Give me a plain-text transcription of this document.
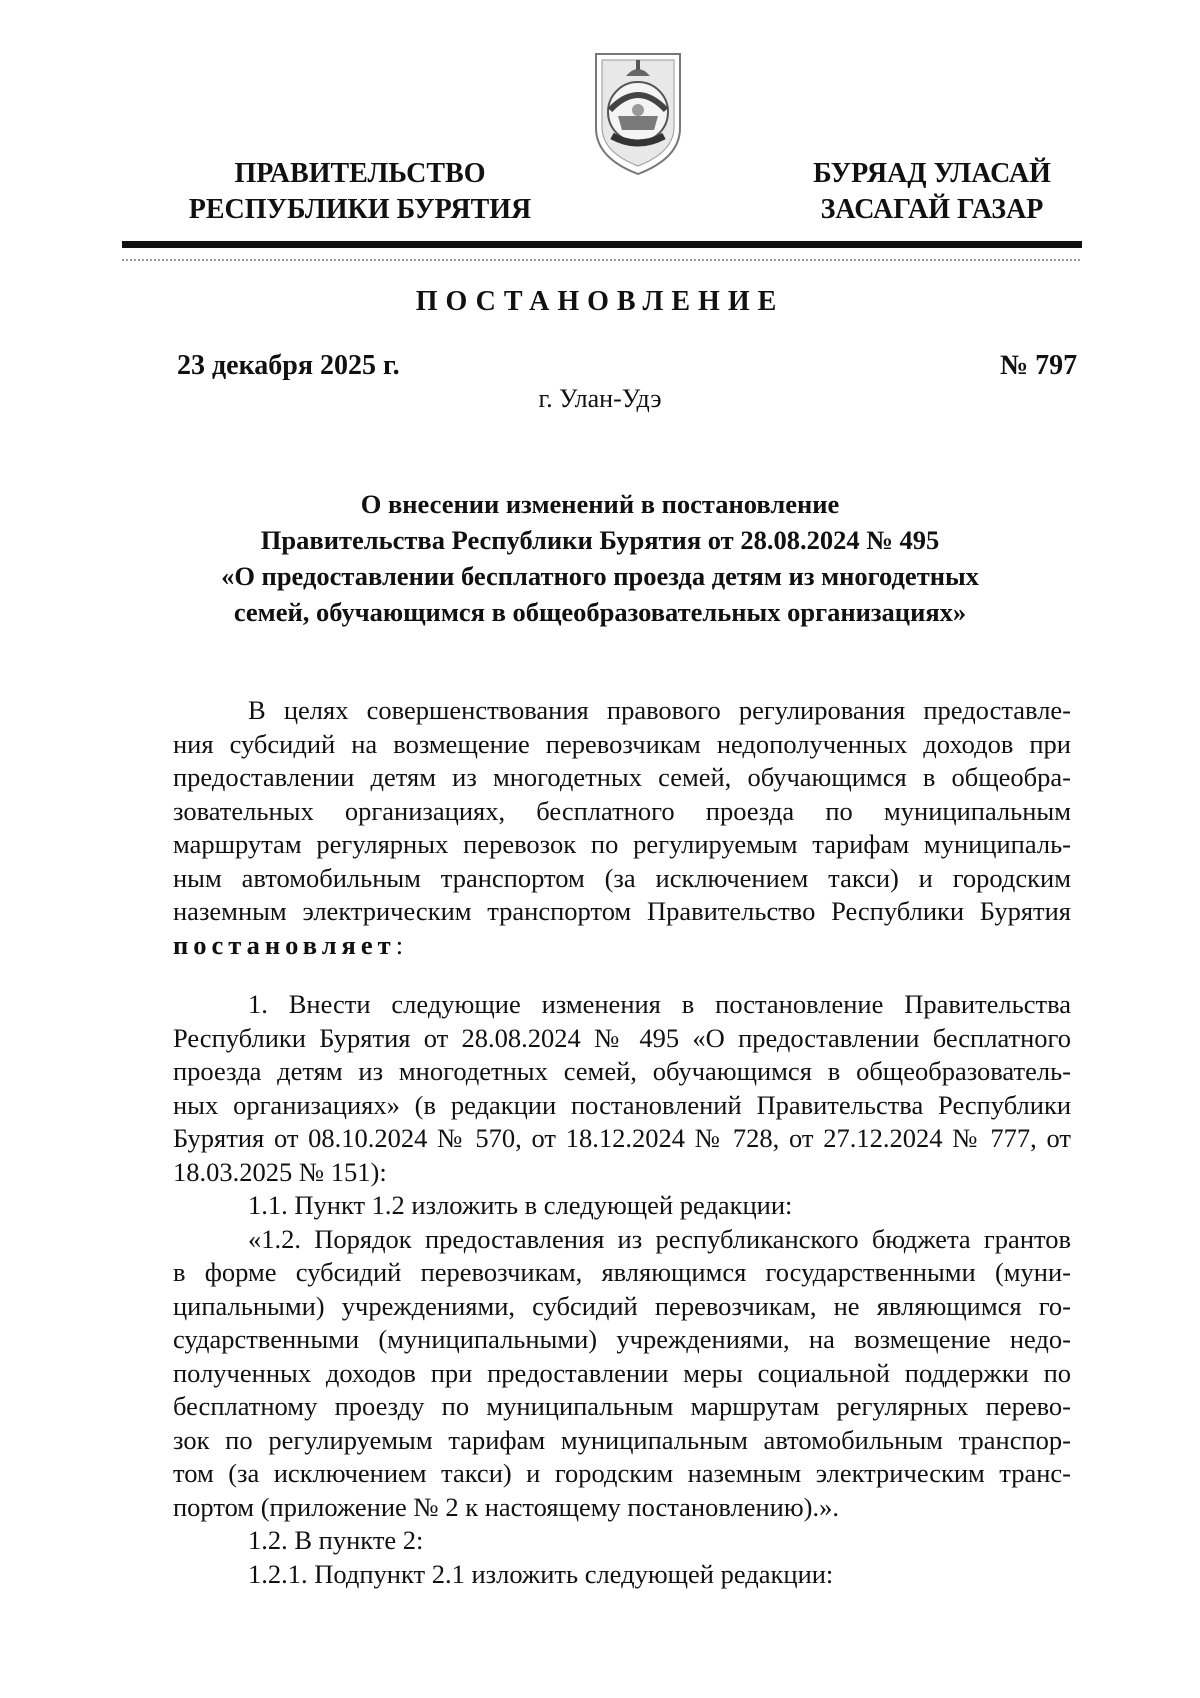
ПРАВИТЕЛЬСТВО
РЕСПУБЛИКИ БУРЯТИЯ
БУРЯАД УЛАСАЙ
ЗАСАГАЙ ГАЗАР
ПОСТАНОВЛЕНИЕ
23 декабря 2025 г.	№ 797
г. Улан-Удэ
О внесении изменений в постановление
Правительства Республики Бурятия от 28.08.2024 № 495
«О предоставлении бесплатного проезда детям из многодетных
семей, обучающимся в общеобразовательных организациях»
В целях совершенствования правового регулирования предоставле-
ния субсидий на возмещение перевозчикам недополученных доходов при
предоставлении детям из многодетных семей, обучающимся в общеобра-
зовательных организациях, бесплатного проезда по муниципальным
маршрутам регулярных перевозок по регулируемым тарифам муниципаль-
ным автомобильным транспортом (за исключением такси) и городским
наземным электрическим транспортом Правительство Республики Бурятия
постановляет:
1. Внести следующие изменения в постановление Правительства
Республики Бурятия от 28.08.2024 № 495 «О предоставлении бесплатного
проезда детям из многодетных семей, обучающимся в общеобразователь-
ных организациях» (в редакции постановлений Правительства Республики
Бурятия от 08.10.2024 № 570, от 18.12.2024 № 728, от 27.12.2024 № 777, от
18.03.2025 № 151):
1.1. Пункт 1.2 изложить в следующей редакции:
«1.2. Порядок предоставления из республиканского бюджета грантов
в форме субсидий перевозчикам, являющимся государственными (муни-
ципальными) учреждениями, субсидий перевозчикам, не являющимся го-
сударственными (муниципальными) учреждениями, на возмещение недо-
полученных доходов при предоставлении меры социальной поддержки по
бесплатному проезду по муниципальным маршрутам регулярных перево-
зок по регулируемым тарифам муниципальным автомобильным транспор-
том (за исключением такси) и городским наземным электрическим транс-
портом (приложение № 2 к настоящему постановлению).».
1.2. В пункте 2:
1.2.1. Подпункт 2.1 изложить следующей редакции:
